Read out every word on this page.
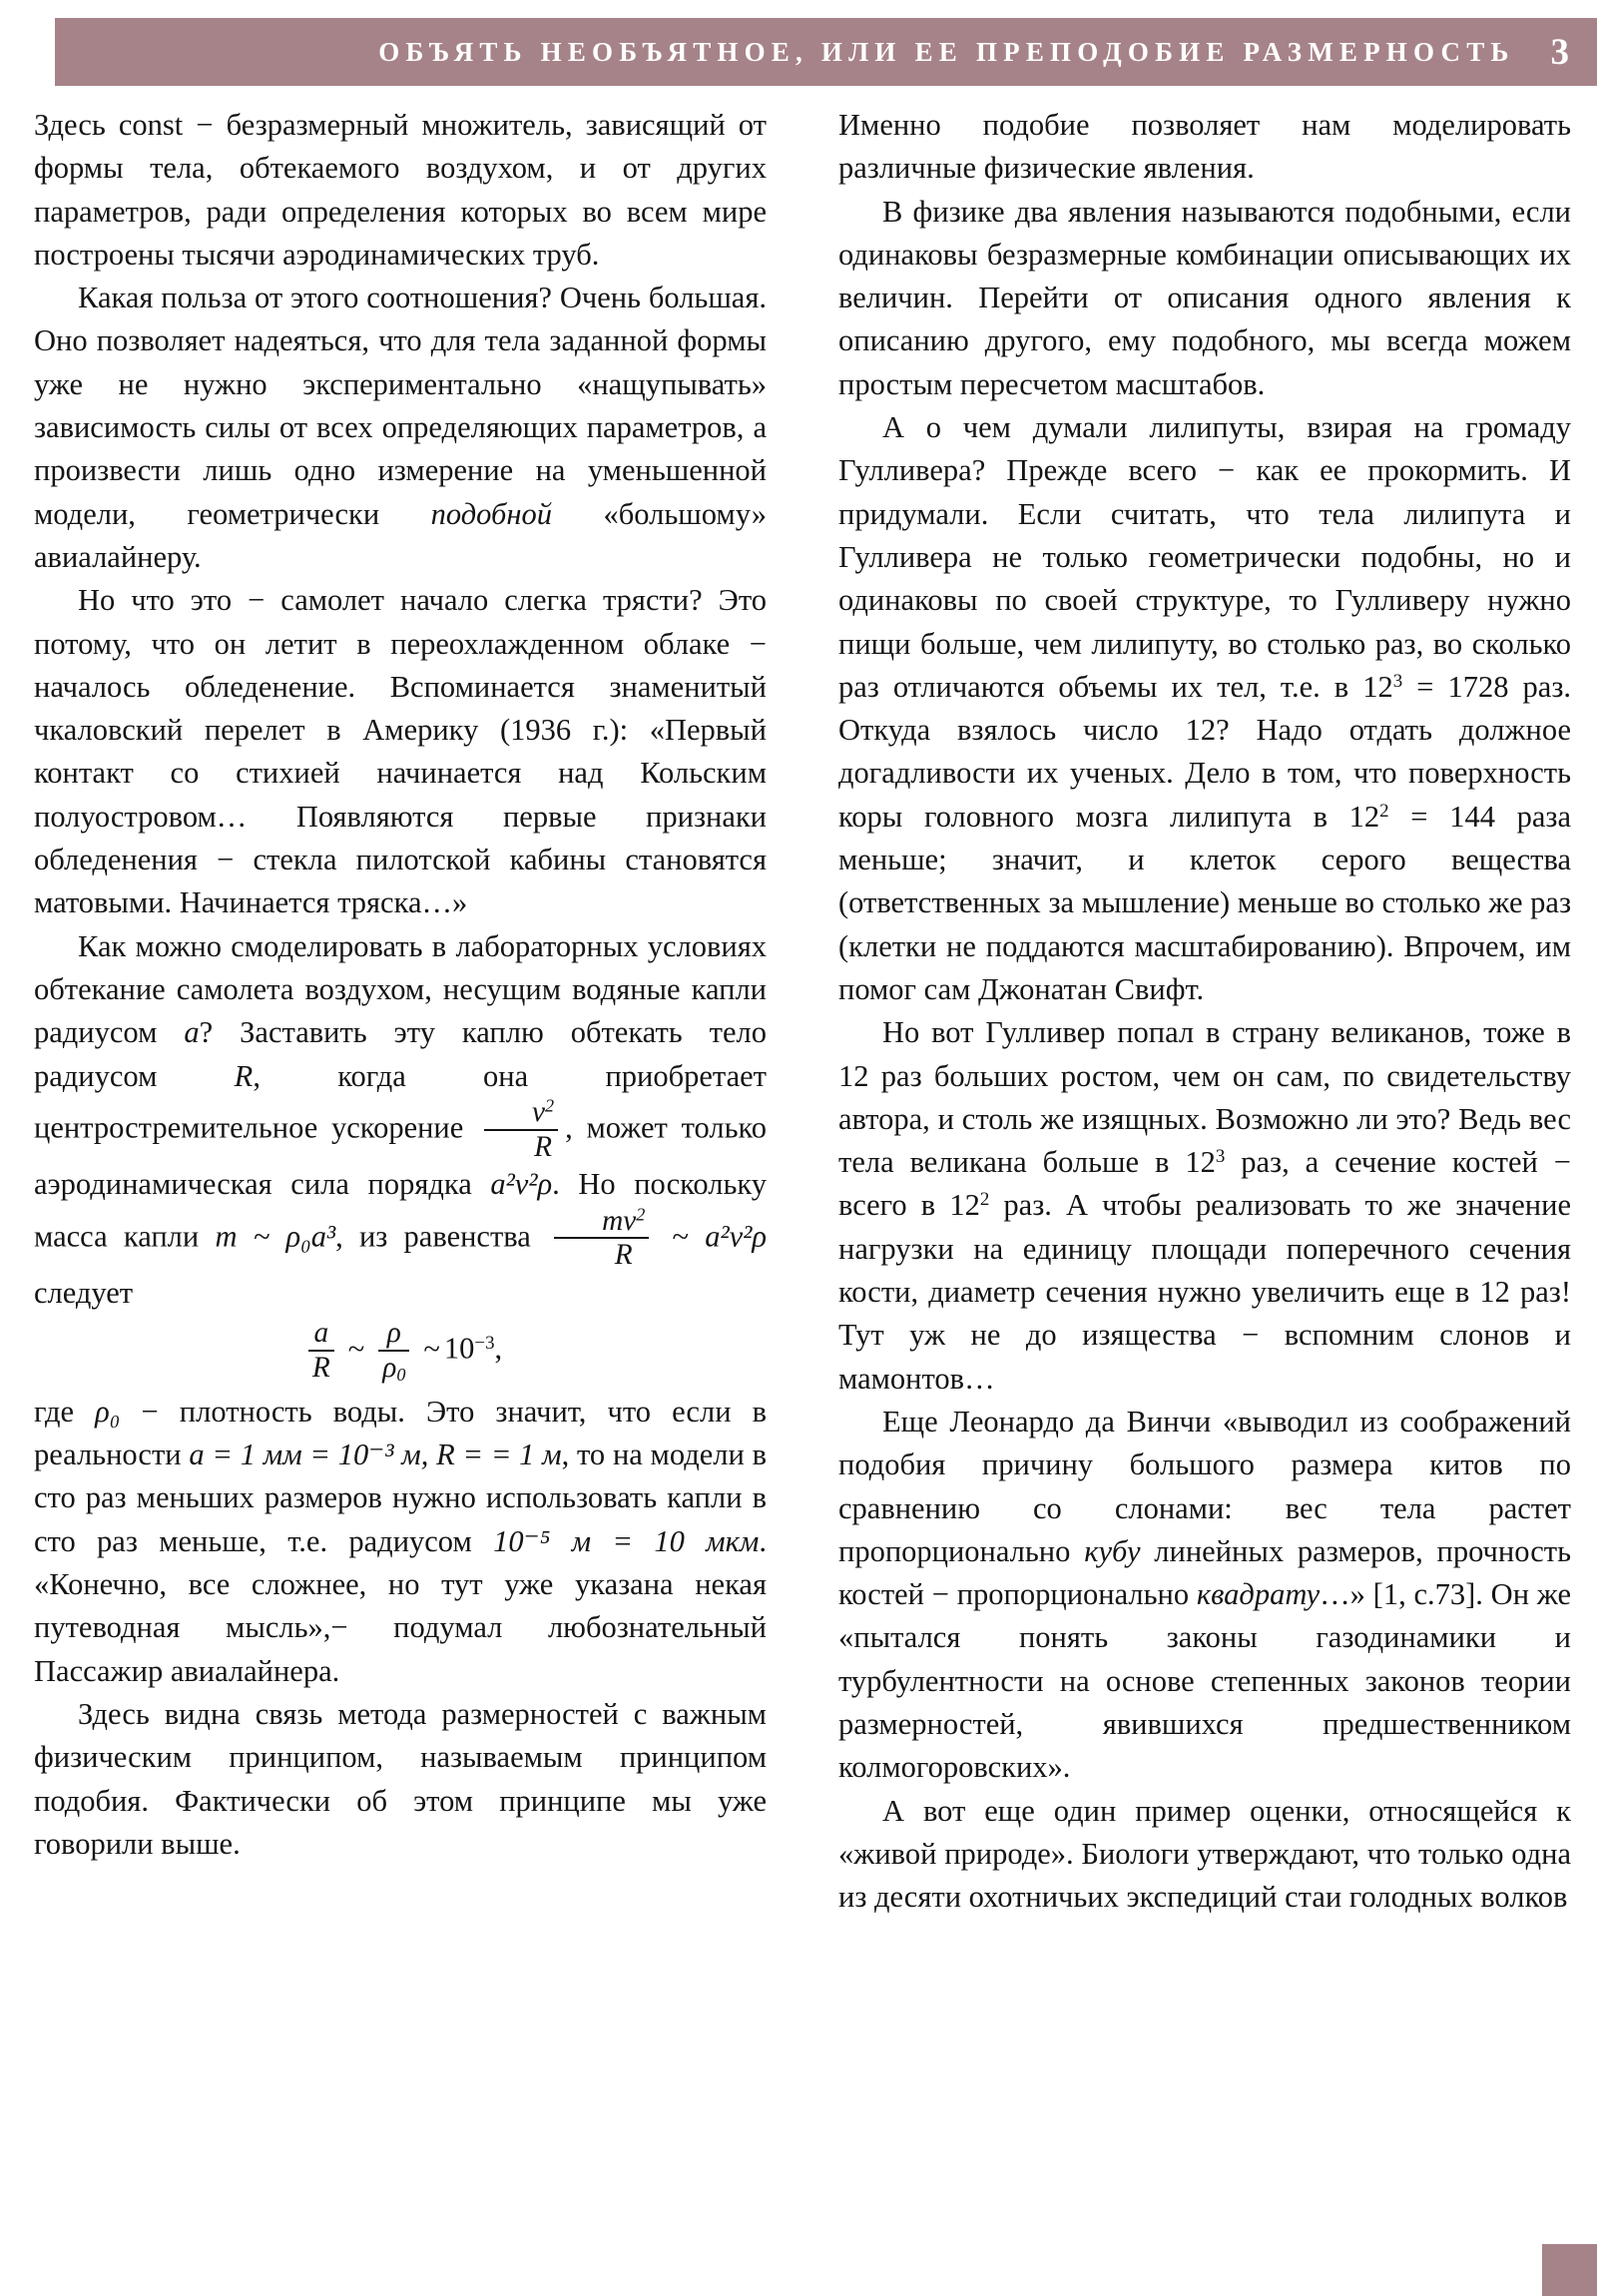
ОБЪЯТЬ НЕОБЪЯТНОЕ, ИЛИ ЕЕ ПРЕПОДОБИЕ РАЗМЕРНОСТЬ 3

Здесь const − безразмерный множитель, зависящий от формы тела, обтекаемого воздухом, и от других параметров, ради определения которых во всем мире построены тысячи аэродинамических труб.

Какая польза от этого соотношения? Очень большая. Оно позволяет надеяться, что для тела заданной формы уже не нужно экспериментально «нащупывать» зависимость силы от всех определяющих параметров, а произвести лишь одно измерение на уменьшенной модели, геометрически подобной «большому» авиалайнеру.

Но что это − самолет начало слегка трясти? Это потому, что он летит в переохлажденном облаке − началось обледенение. Вспоминается знаменитый чкаловский перелет в Америку (1936 г.): «Первый контакт со стихией начинается над Кольским полуостровом… Появляются первые признаки обледенения − стекла пилотской кабины становятся матовыми. Начинается тряска…»

Как можно смоделировать в лабораторных условиях обтекание самолета воздухом, несущим водяные капли радиусом a? Заставить эту каплю обтекать тело радиусом R, когда она приобретает центростремительное ускорение $\frac{v^2}{R}$ , может только аэродинамическая сила порядка a²v²ρ. Но поскольку масса капли m ~ ρ₀a³, из равенства $\frac{mv^2}{R}$ ~ a²v²ρ следует

$\frac{a}{R}$ ~ $\frac{\rho}{\rho_0}$ ~ $10^{-3}$,

где ρ₀ − плотность воды. Это значит, что если в реальности a = 1 мм = 10⁻³ м, R = = 1 м, то на модели в сто раз меньших размеров нужно использовать капли в сто раз меньше, т.е. радиусом 10⁻⁵ м = 10 мкм. «Конечно, все сложнее, но тут уже указана некая путеводная мысль»,− подумал любознательный Пассажир авиалайнера.

Здесь видна связь метода размерностей с важным физическим принципом, называемым принципом подобия. Фактически об этом принципе мы уже говорили выше.

Именно подобие позволяет нам моделировать различные физические явления.

В физике два явления называются подобными, если одинаковы безразмерные комбинации описывающих их величин. Перейти от описания одного явления к описанию другого, ему подобного, мы всегда можем простым пересчетом масштабов.

А о чем думали лилипуты, взирая на громаду Гулливера? Прежде всего − как ее прокормить. И придумали. Если считать, что тела лилипута и Гулливера не только геометрически подобны, но и одинаковы по своей структуре, то Гулливеру нужно пищи больше, чем лилипуту, во столько раз, во сколько раз отличаются объемы их тел, т.е. в $12^3 = 1728$ раз. Откуда взялось число 12? Надо отдать должное догадливости их ученых. Дело в том, что поверхность коры головного мозга лилипута в $12^2 = 144$ раза меньше; значит, и клеток серого вещества (ответственных за мышление) меньше во столько же раз (клетки не поддаются масштабированию). Впрочем, им помог сам Джонатан Свифт.

Но вот Гулливер попал в страну великанов, тоже в 12 раз больших ростом, чем он сам, по свидетельству автора, и столь же изящных. Возможно ли это? Ведь вес тела великана больше в $12^3$ раз, а сечение костей − всего в $12^2$ раз. А чтобы реализовать то же значение нагрузки на единицу площади поперечного сечения кости, диаметр сечения нужно увеличить еще в 12 раз! Тут уж не до изящества − вспомним слонов и мамонтов…

Еще Леонардо да Винчи «выводил из соображений подобия причину большого размера китов по сравнению со слонами: вес тела растет пропорционально кубу линейных размеров, прочность костей − пропорционально квадрату…» [1, с.73]. Он же «пытался понять законы газодинамики и турбулентности на основе степенных законов теории размерностей, явившихся предшественником колмогоровских».

А вот еще один пример оценки, относящейся к «живой природе». Биологи утверждают, что только одна из десяти охотничьих экспедиций стаи голодных волков
